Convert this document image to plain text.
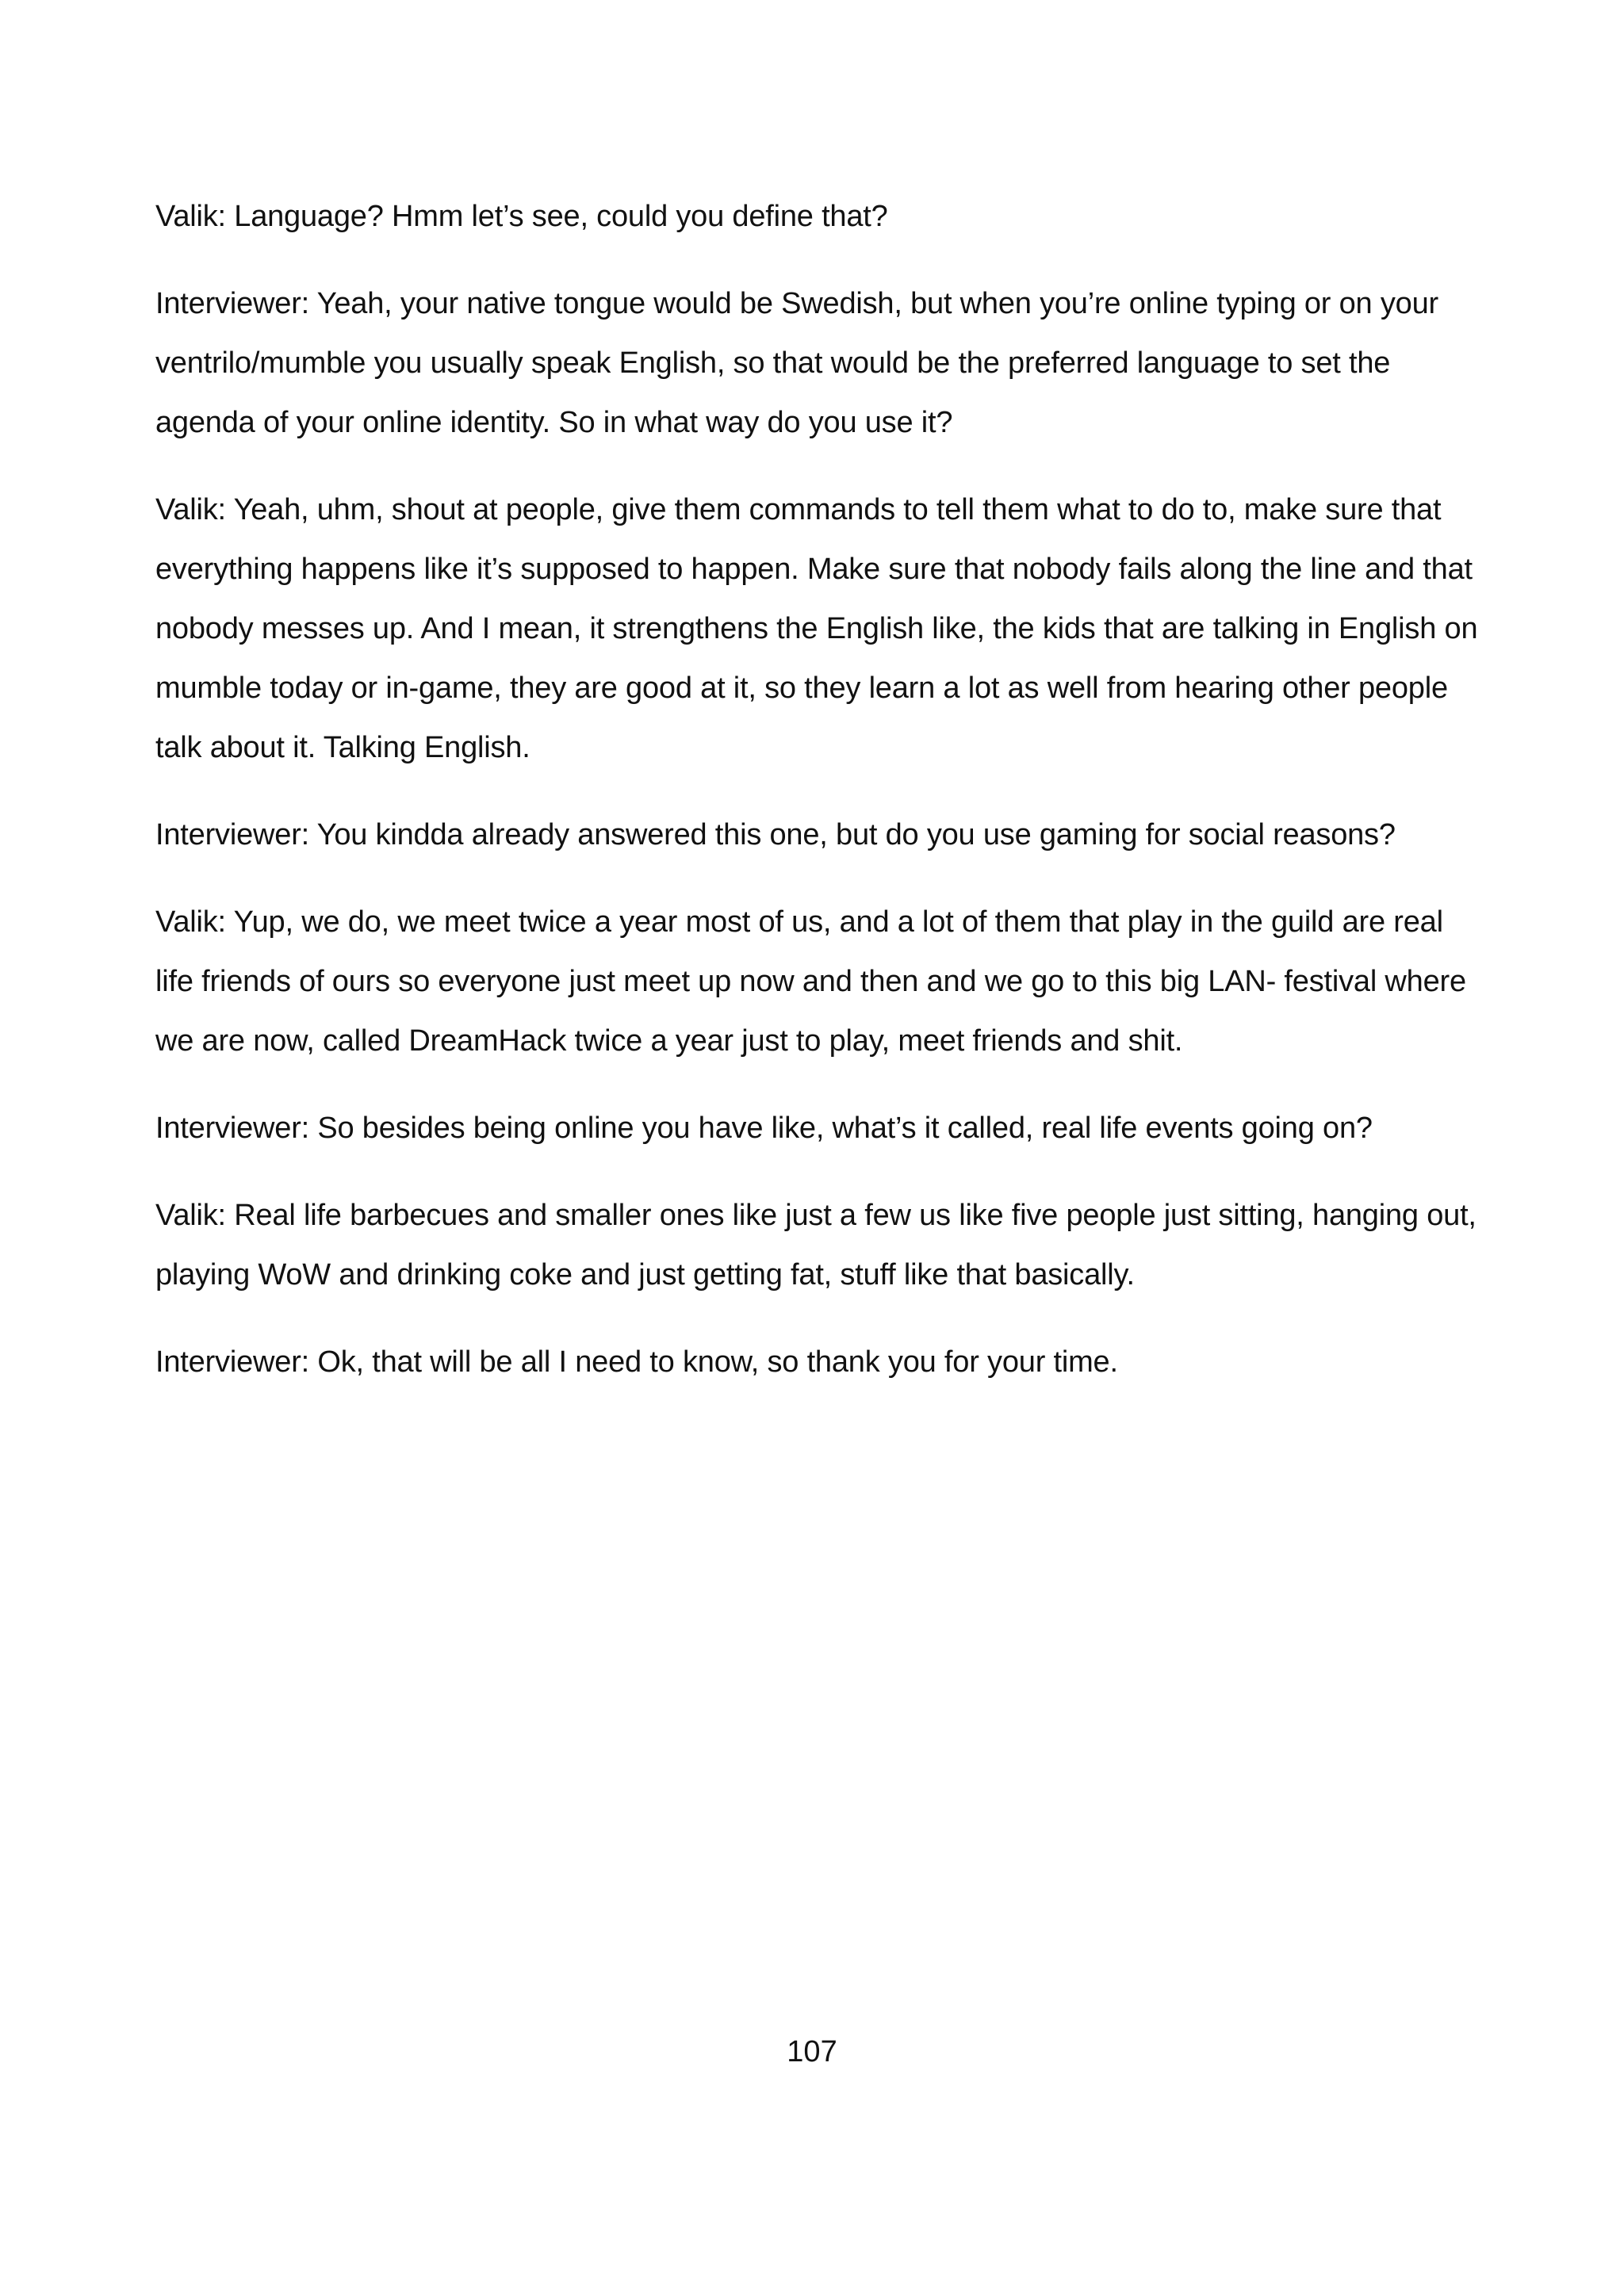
Valik: Language? Hmm let’s see, could you define that?

Interviewer: Yeah, your native tongue would be Swedish, but when you’re online typing or on your ventrilo/mumble you usually speak English, so that would be the preferred language to set the agenda of your online identity. So in what way do you use it?

Valik: Yeah, uhm, shout at people, give them commands to tell them what to do to, make sure that everything happens like it’s supposed to happen. Make sure that nobody fails along the line and that nobody messes up. And I mean, it strengthens the English like, the kids that are talking in English on mumble today or in-game, they are good at it, so they learn a lot as well from hearing other people talk about it. Talking English.

Interviewer: You kindda already answered this one, but do you use gaming for social reasons?

Valik: Yup, we do, we meet twice a year most of us, and a lot of them that play in the guild are real life friends of ours so everyone just meet up now and then and we go to this big LAN- festival where we are now, called DreamHack twice a year just to play, meet friends and shit.

Interviewer: So besides being online you have like, what’s it called, real life events going on?

Valik: Real life barbecues and smaller ones like just a few us like five people just sitting, hanging out, playing WoW and drinking coke and just getting fat, stuff like that basically.

Interviewer: Ok, that will be all I need to know, so thank you for your time.

107
